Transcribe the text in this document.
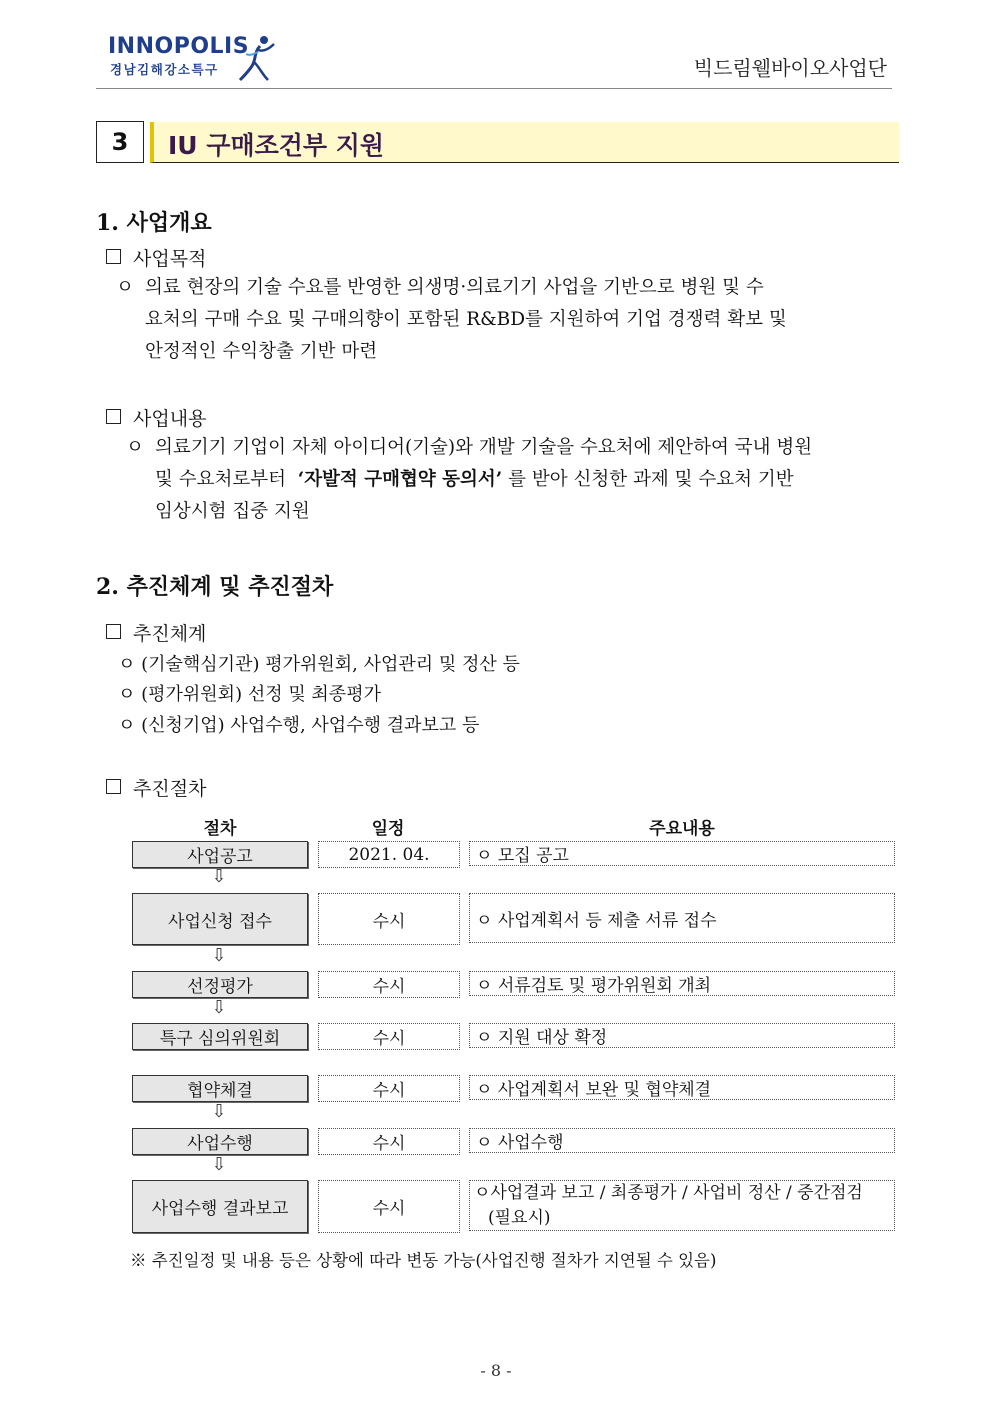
INNOPOLIS
경남김해강소특구	빅드림웰바이오사업단
3	IU 구매조건부 지원
1. 사업개요
사업목적
ㅇ 의료 현장의 기술 수요를 반영한 의생명·의료기기 사업을 기반으로 병원 및 수
요처의 구매 수요 및 구매의향이 포함된 R&BD를 지원하여 기업 경쟁력 확보 및
안정적인 수익창출 기반 마련
사업내용
ㅇ 의료기기 기업이 자체 아이디어(기술)와 개발 기술을 수요처에 제안하여 국내 병원
및 수요처로부터 ‘자발적 구매협약 동의서’ 를 받아 신청한 과제 및 수요처 기반
임상시험 집중 지원
2. 추진체계 및 추진절차
추진체계
ㅇ (기술핵심기관) 평가위원회, 사업관리 및 정산 등
ㅇ (평가위원회) 선정 및 최종평가
ㅇ (신청기업) 사업수행, 사업수행 결과보고 등
추진절차
절차	일정	주요내용
사업공고	2021. 04.	ㅇ 모집 공고
⇩
사업신청 접수	수시	ㅇ 사업계획서 등 제출 서류 접수
⇩
선정평가	수시	ㅇ 서류검토 및 평가위원회 개최
⇩
특구 심의위원회	수시	ㅇ 지원 대상 확정
협약체결	수시	ㅇ 사업계획서 보완 및 협약체결
⇩
사업수행	수시	ㅇ 사업수행
⇩
사업수행 결과보고	수시
ㅇ사업결과 보고 / 최종평가 / 사업비 정산 / 중간점검
(필요시)
※ 추진일정 및 내용 등은 상황에 따라 변동 가능(사업진행 절차가 지연될 수 있음)
- 8 -
